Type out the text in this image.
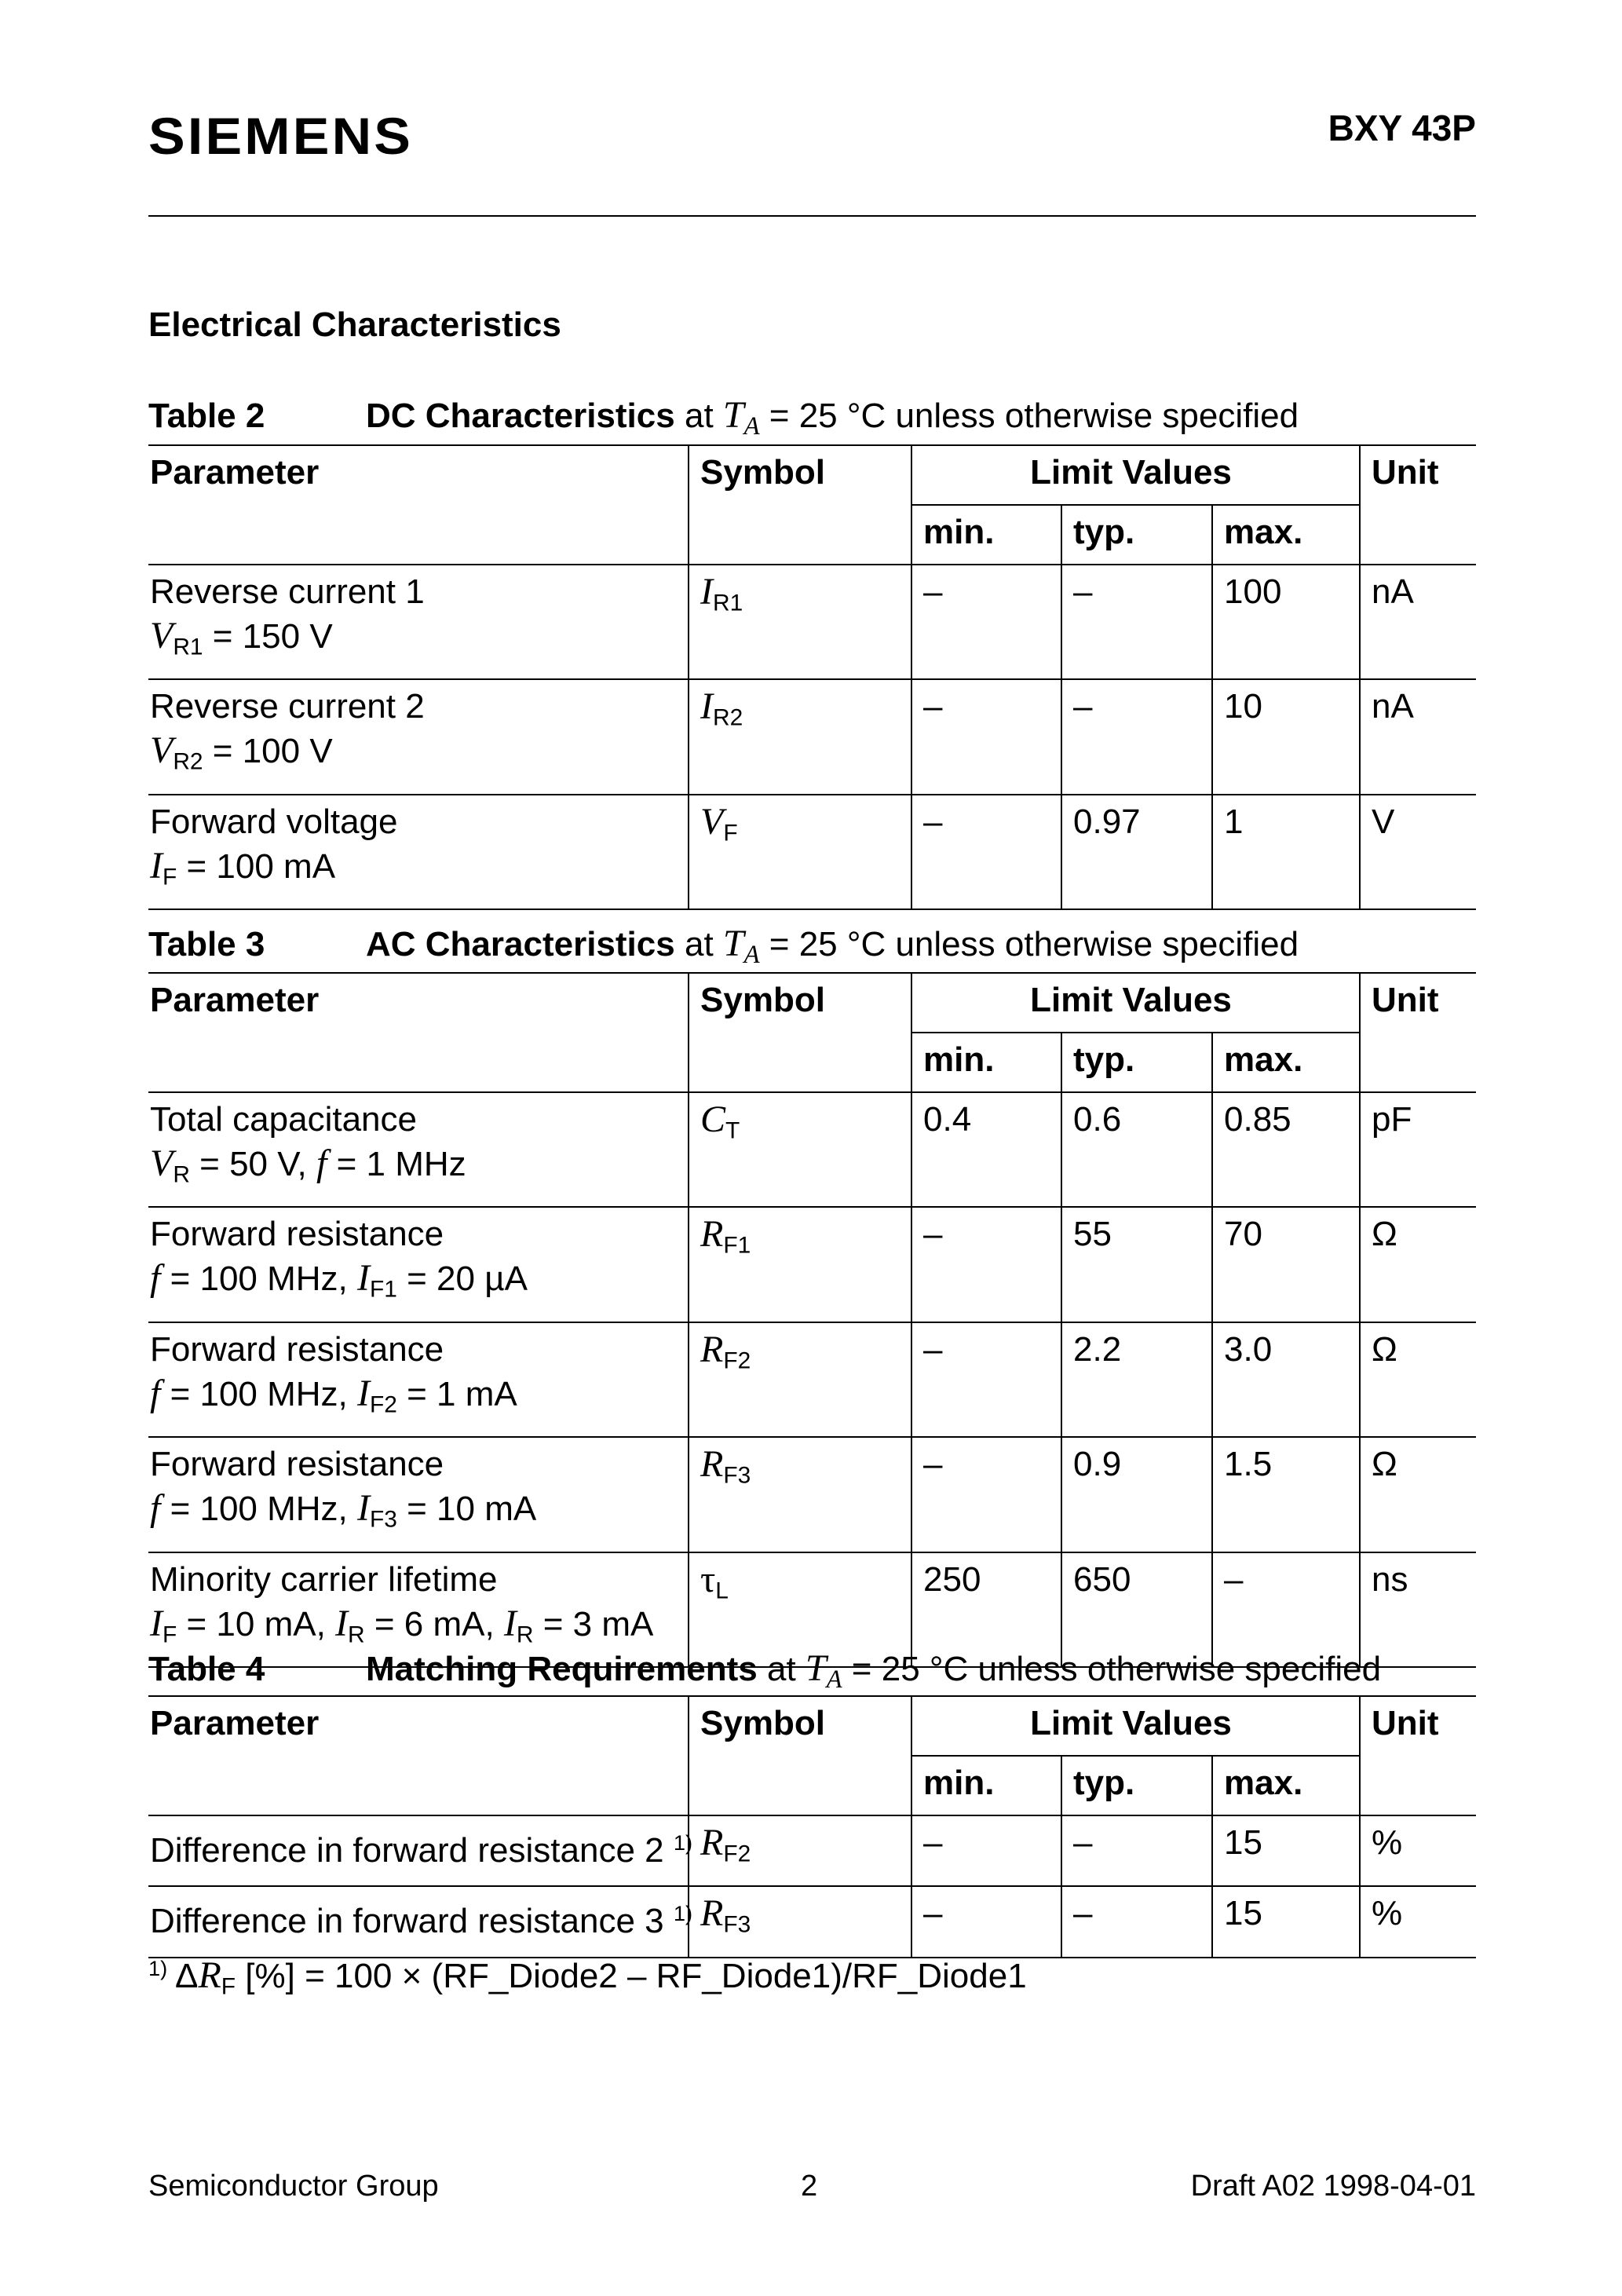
SIEMENS	BXY 43P
Electrical Characteristics
Table 2	DC Characteristics at $T_A = 25$ °C unless otherwise specified
Parameter	Symbol	Limit Values			Unit
		min.	typ.	max.	
Reverse current 1
$V_{R1} = 150$ V	$I_{R1}$	–	–	100	nA
Reverse current 2
$V_{R2} = 100$ V	$I_{R2}$	–	–	10	nA
Forward voltage
$I_F = 100$ mA	$V_F$	–	0.97	1	V
Table 3	AC Characteristics at $T_A = 25$ °C unless otherwise specified
Parameter	Symbol	Limit Values			Unit
		min.	typ.	max.	
Total capacitance
$V_R = 50$ V, f = 1 MHz	$C_T$	0.4	0.6	0.85	pF
Forward resistance
f = 100 MHz, $I_{F1} = 20$ µA	$R_{F1}$	–	55	70	Ω
Forward resistance
f = 100 MHz, $I_{F2} = 1$ mA	$R_{F2}$	–	2.2	3.0	Ω
Forward resistance
f = 100 MHz, $I_{F3} = 10$ mA	$R_{F3}$	–	0.9	1.5	Ω
Minority carrier lifetime
$I_F = 10$ mA, $I_R = 6$ mA, $I_R = 3$ mA	$\tau_L$	250	650	–	ns
Table 4	Matching Requirements at $T_A = 25$ °C unless otherwise specified
Parameter	Symbol	Limit Values			Unit
		min.	typ.	max.	
Difference in forward resistance 2 $^{1)}$	$R_{F2}$	–	–	15	%
Difference in forward resistance 3 $^{1)}$	$R_{F3}$	–	–	15	%
$^{1)}$ $\Delta R_F$ [%] = 100 × (RF_Diode2 – RF_Diode1)/RF_Diode1
Semiconductor Group	2	Draft A02 1998-04-01
